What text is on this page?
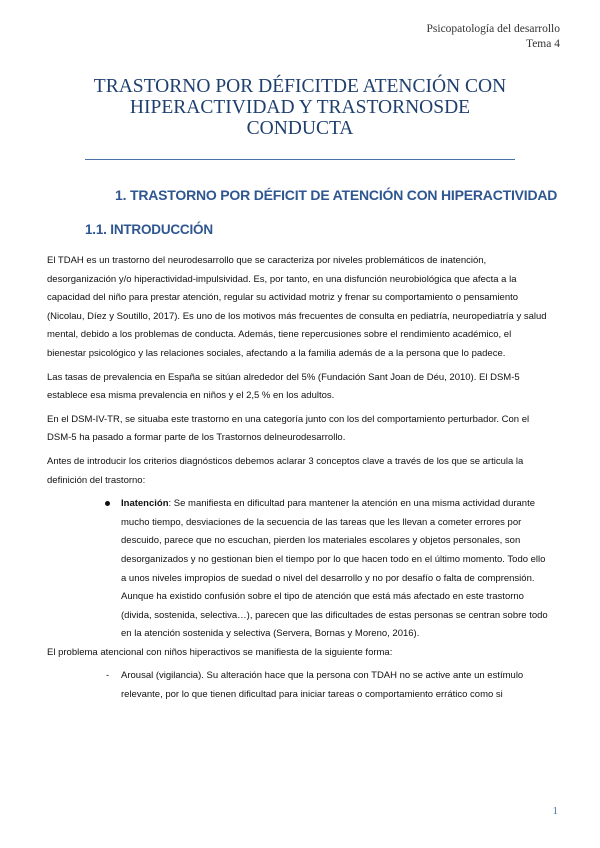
Psicopatología del desarrollo
Tema 4
TRASTORNO POR DÉFICITDE ATENCIÓN CON
HIPERACTIVIDAD Y TRASTORNOSDE
CONDUCTA
1. TRASTORNO POR DÉFICIT DE ATENCIÓN CON HIPERACTIVIDAD
1.1. INTRODUCCIÓN

El TDAH es un trastorno del neurodesarrollo que se caracteriza por niveles problemáticos de inatención, desorganización y/o hiperactividad-impulsividad. Es, por tanto, en una disfunción neurobiológica que afecta a la capacidad del niño para prestar atención, regular su actividad motriz y frenar su comportamiento o pensamiento (Nicolau, Díez y Soutillo, 2017). Es uno de los motivos más frecuentes de consulta en pediatría, neuropediatría y salud mental, debido a los problemas de conducta. Además, tiene repercusiones sobre el rendimiento académico, el bienestar psicológico y las relaciones sociales, afectando a la familia además de a la persona que lo padece.

Las tasas de prevalencia en España se sitúan alrededor del 5% (Fundación Sant Joan de Déu, 2010). El DSM-5 establece esa misma prevalencia en niños y el 2,5 % en los adultos.

En el DSM-IV-TR, se situaba este trastorno en una categoría junto con los del comportamiento perturbador. Con el DSM-5 ha pasado a formar parte de los Trastornos delneurodesarrollo.

Antes de introducir los criterios diagnósticos debemos aclarar 3 conceptos clave a través de los que se articula la definición del trastorno:

Inatención: Se manifiesta en dificultad para mantener la atención en una misma actividad durante mucho tiempo, desviaciones de la secuencia de las tareas que les llevan a cometer errores por descuido, parece que no escuchan, pierden los materiales escolares y objetos personales, son desorganizados y no gestionan bien el tiempo por lo que hacen todo en el último momento. Todo ello a unos niveles impropios de suedad o nivel del desarrollo y no por desafío o falta de comprensión.

Aunque ha existido confusión sobre el tipo de atención que está más afectado en este trastorno (divida, sostenida, selectiva…), parecen que las dificultades de estas personas se centran sobre todo en la atención sostenida y selectiva (Servera, Bornas y Moreno, 2016).

El problema atencional con niños hiperactivos se manifiesta de la siguiente forma:

- Arousal (vigilancia). Su alteración hace que la persona con TDAH no se active ante un estímulo relevante, por lo que tienen dificultad para iniciar tareas o comportamiento errático como si

1
